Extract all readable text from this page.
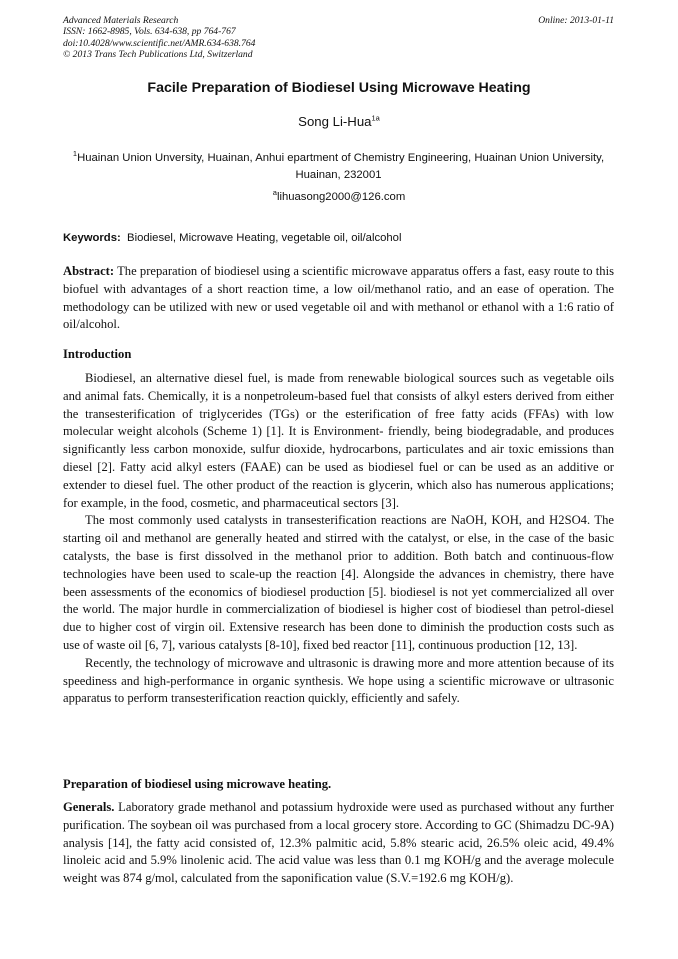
Advanced Materials Research
ISSN: 1662-8985, Vols. 634-638, pp 764-767
doi:10.4028/www.scientific.net/AMR.634-638.764
© 2013 Trans Tech Publications Ltd, Switzerland
Online: 2013-01-11
Facile Preparation of Biodiesel Using Microwave Heating
Song Li-Hua$^{1a}$
$^1$Huainan Union Unversity, Huainan, Anhui epartment of Chemistry Engineering, Huainan Union University, Huainan, 232001
$^a$lihuasong2000@126.com
Keywords: Biodiesel, Microwave Heating, vegetable oil, oil/alcohol
Abstract: The preparation of biodiesel using a scientific microwave apparatus offers a fast, easy route to this biofuel with advantages of a short reaction time, a low oil/methanol ratio, and an ease of operation. The methodology can be utilized with new or used vegetable oil and with methanol or ethanol with a 1:6 ratio of oil/alcohol.
Introduction

Biodiesel, an alternative diesel fuel, is made from renewable biological sources such as vegetable oils and animal fats. Chemically, it is a nonpetroleum-based fuel that consists of alkyl esters derived from either the transesterification of triglycerides (TGs) or the esterification of free fatty acids (FFAs) with low molecular weight alcohols (Scheme 1) [1]. It is Environment- friendly, being biodegradable, and produces significantly less carbon monoxide, sulfur dioxide, hydrocarbons, particulates and air toxic emissions than diesel [2]. Fatty acid alkyl esters (FAAE) can be used as biodiesel fuel or can be used as an additive or extender to diesel fuel. The other product of the reaction is glycerin, which also has numerous applications; for example, in the food, cosmetic, and pharmaceutical sectors [3].

The most commonly used catalysts in transesterification reactions are NaOH, KOH, and H2SO4. The starting oil and methanol are generally heated and stirred with the catalyst, or else, in the case of the basic catalysts, the base is first dissolved in the methanol prior to addition. Both batch and continuous-flow technologies have been used to scale-up the reaction [4]. Alongside the advances in chemistry, there have been assessments of the economics of biodiesel production [5]. biodiesel is not yet commercialized all over the world. The major hurdle in commercialization of biodiesel is higher cost of biodiesel than petrol-diesel due to higher cost of virgin oil. Extensive research has been done to diminish the production costs such as use of waste oil [6, 7], various catalysts [8-10], fixed bed reactor [11], continuous production [12, 13].

Recently, the technology of microwave and ultrasonic is drawing more and more attention because of its speediness and high-performance in organic synthesis. We hope using a scientific microwave or ultrasonic apparatus to perform transesterification reaction quickly, efficiently and safely.

Preparation of biodiesel using microwave heating.
Generals. Laboratory grade methanol and potassium hydroxide were used as purchased without any further purification. The soybean oil was purchased from a local grocery store. According to GC (Shimadzu DC-9A) analysis [14], the fatty acid consisted of, 12.3% palmitic acid, 5.8% stearic acid, 26.5% oleic acid, 49.4% linoleic acid and 5.9% linolenic acid. The acid value was less than 0.1 mg KOH/g and the average molecule weight was 874 g/mol, calculated from the saponification value (S.V.=192.6 mg KOH/g).
